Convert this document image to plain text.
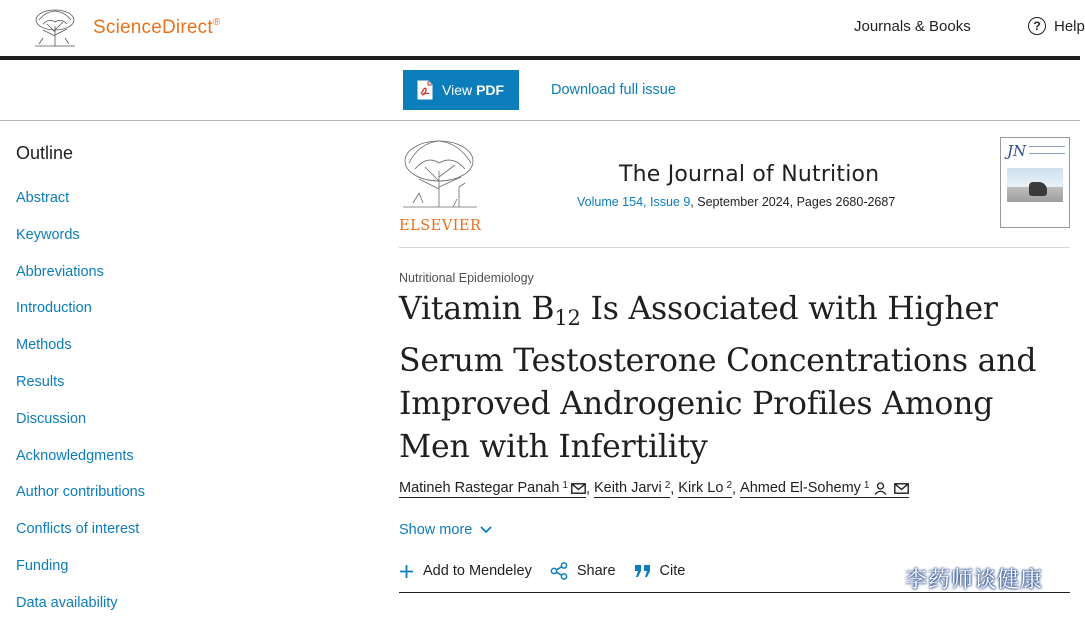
ScienceDirect®	Journals & Books	? Help
View PDF	Download full issue
Outline
Abstract
Keywords
Abbreviations
Introduction
Methods
Results
Discussion
Acknowledgments
Author contributions
Conflicts of interest
Funding
Data availability
ELSEVIER
The Journal of Nutrition
Volume 154, Issue 9, September 2024, Pages 2680-2687
JN
Nutritional Epidemiology
Vitamin $B_{12}$ Is Associated with Higher Serum Testosterone Concentrations and Improved Androgenic Profiles Among Men with Infertility
Matineh Rastegar Panah $^1$ , Keith Jarvi $^2$ , Kirk Lo $^2$ , Ahmed El-Sohemy $^1$
Show more
Add to Mendeley	Share	Cite	李药师谈健康
